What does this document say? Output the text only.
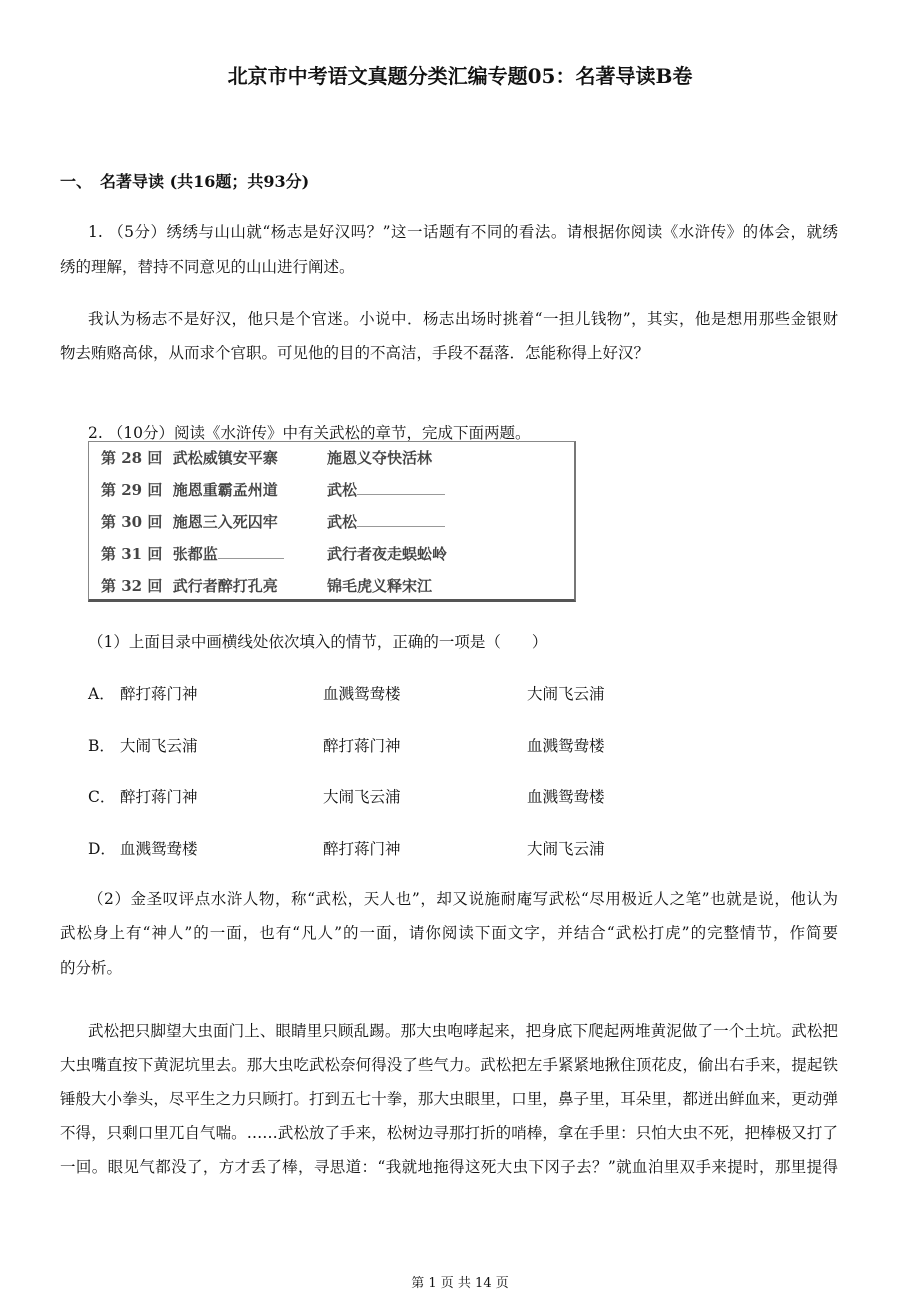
北京市中考语文真题分类汇编专题05：名著导读B卷
一、　名著导读 (共16题；共93分)
1. （5分）绣绣与山山就“杨志是好汉吗？”这一话题有不同的看法。请根据你阅读《水浒传》的体会，就绣
绣的理解，替持不同意见的山山进行阐述。
我认为杨志不是好汉，他只是个官迷。小说中．杨志出场时挑着“一担儿钱物”，其实，他是想用那些金银财
物去贿赂高俅，从而求个官职。可见他的目的不高洁，手段不磊落．怎能称得上好汉？
2. （10分）阅读《水浒传》中有关武松的章节，完成下面两题。
第 28 回 武松威镇安平寨	施恩义夺快活林
第 29 回 施恩重霸孟州道	武松
第 30 回 施恩三入死囚牢	武松
第 31 回 张都监	武行者夜走蜈蚣岭
第 32 回 武行者醉打孔亮	锦毛虎义释宋江
（1）上面目录中画横线处依次填入的情节，正确的一项是（　　）
A． 醉打蒋门神	血溅鸳鸯楼	大闹飞云浦
B． 大闹飞云浦	醉打蒋门神	血溅鸳鸯楼
C． 醉打蒋门神	大闹飞云浦	血溅鸳鸯楼
D． 血溅鸳鸯楼	醉打蒋门神	大闹飞云浦
（2）金圣叹评点水浒人物，称“武松，天人也”，却又说施耐庵写武松“尽用极近人之笔”也就是说，他认为
武松身上有“神人”的一面，也有“凡人”的一面，请你阅读下面文字，并结合“武松打虎”的完整情节，作简要
的分析。
武松把只脚望大虫面门上、眼睛里只顾乱踢。那大虫咆哮起来，把身底下爬起两堆黄泥做了一个土坑。武松把
大虫嘴直按下黄泥坑里去。那大虫吃武松奈何得没了些气力。武松把左手紧紧地揪住顶花皮，偷出右手来，提起铁
锤般大小拳头，尽平生之力只顾打。打到五七十拳，那大虫眼里，口里，鼻子里，耳朵里，都迸出鲜血来，更动弹
不得，只剩口里兀自气喘。……武松放了手来，松树边寻那打折的哨棒，拿在手里：只怕大虫不死，把棒极又打了
一回。眼见气都没了，方才丢了棒，寻思道：“我就地拖得这死大虫下冈子去？”就血泊里双手来提时，那里提得
第 1 页 共 14 页
